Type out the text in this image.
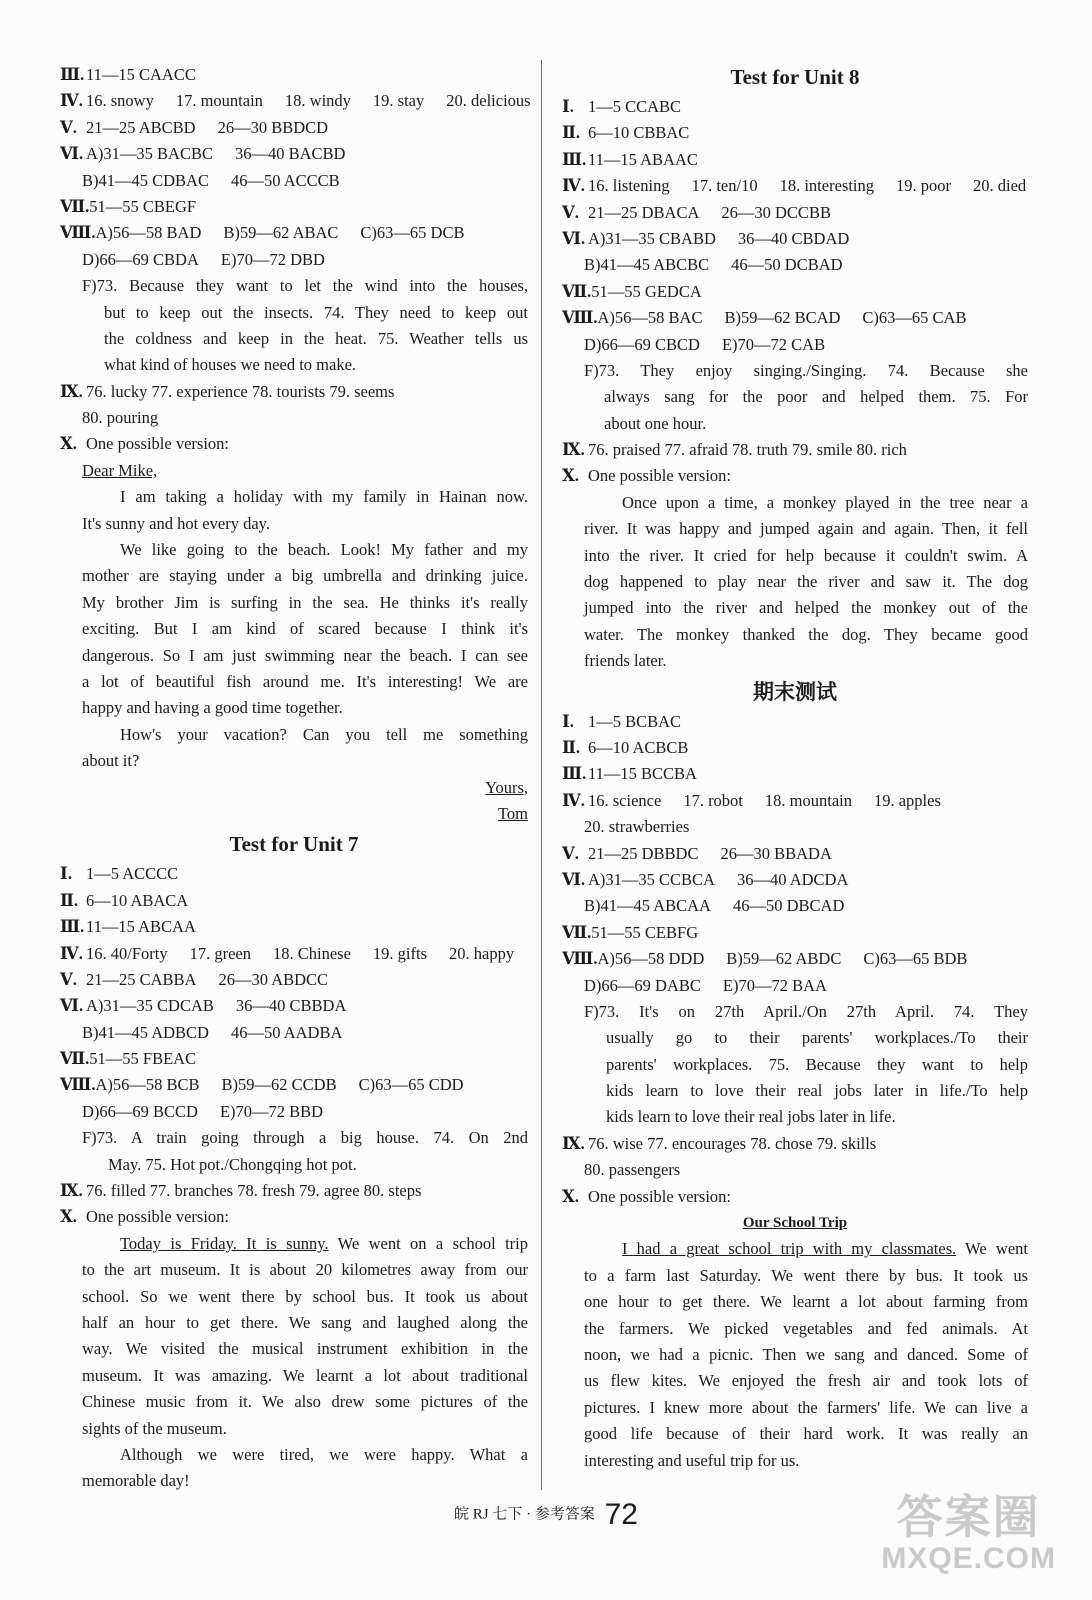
Ⅲ. 11—15 CAACC
Ⅳ. 16. snowy 17. mountain 18. windy 19. stay 20. delicious
Ⅴ. 21—25 ABCBD 26—30 BBDCD
Ⅵ. A)31—35 BACBC 36—40 BACBD
B)41—45 CDBAC 46—50 ACCCB
Ⅶ.51—55 CBEGF
Ⅷ.A)56—58 BAD B)59—62 ABAC C)63—65 DCB
D)66—69 CBDA E)70—72 DBD
F)73. Because they want to let the wind into the houses,
but to keep out the insects. 74. They need to keep out
the coldness and keep in the heat. 75. Weather tells us
what kind of houses we need to make.
Ⅸ. 76. lucky 77. experience 78. tourists 79. seems
80. pouring
Ⅹ. One possible version:
Dear Mike,
I am taking a holiday with my family in Hainan now.
It's sunny and hot every day.
We like going to the beach. Look! My father and my
mother are staying under a big umbrella and drinking juice.
My brother Jim is surfing in the sea. He thinks it's really
exciting. But I am kind of scared because I think it's
dangerous. So I am just swimming near the beach. I can see
a lot of beautiful fish around me. It's interesting! We are
happy and having a good time together.
How's your vacation? Can you tell me something
about it?
Yours,
Tom
Test for Unit 7
Ⅰ. 1—5 ACCCC
Ⅱ. 6—10 ABACA
Ⅲ. 11—15 ABCAA
Ⅳ. 16. 40/Forty 17. green 18. Chinese 19. gifts 20. happy
Ⅴ. 21—25 CABBA 26—30 ABDCC
Ⅵ. A)31—35 CDCAB 36—40 CBBDA
B)41—45 ADBCD 46—50 AADBA
Ⅶ.51—55 FBEAC
Ⅷ.A)56—58 BCB B)59—62 CCDB C)63—65 CDD
D)66—69 BCCD E)70—72 BBD
F)73. A train going through a big house. 74. On 2nd
May. 75. Hot pot./Chongqing hot pot.
Ⅸ. 76. filled 77. branches 78. fresh 79. agree 80. steps
Ⅹ. One possible version:
Today is Friday. It is sunny. We went on a school trip
to the art museum. It is about 20 kilometres away from our
school. So we went there by school bus. It took us about
half an hour to get there. We sang and laughed along the
way. We visited the musical instrument exhibition in the
museum. It was amazing. We learnt a lot about traditional
Chinese music from it. We also drew some pictures of the
sights of the museum.
Although we were tired, we were happy. What a
memorable day!
Test for Unit 8
Ⅰ. 1—5 CCABC
Ⅱ. 6—10 CBBAC
Ⅲ. 11—15 ABAAC
Ⅳ. 16. listening 17. ten/10 18. interesting 19. poor 20. died
Ⅴ. 21—25 DBACA 26—30 DCCBB
Ⅵ. A)31—35 CBABD 36—40 CBDAD
B)41—45 ABCBC 46—50 DCBAD
Ⅶ.51—55 GEDCA
Ⅷ.A)56—58 BAC B)59—62 BCAD C)63—65 CAB
D)66—69 CBCD E)70—72 CAB
F)73. They enjoy singing./Singing. 74. Because she
always sang for the poor and helped them. 75. For
about one hour.
Ⅸ. 76. praised 77. afraid 78. truth 79. smile 80. rich
Ⅹ. One possible version:
Once upon a time, a monkey played in the tree near a
river. It was happy and jumped again and again. Then, it fell
into the river. It cried for help because it couldn't swim. A
dog happened to play near the river and saw it. The dog
jumped into the river and helped the monkey out of the
water. The monkey thanked the dog. They became good
friends later.
期末测试
Ⅰ. 1—5 BCBAC
Ⅱ. 6—10 ACBCB
Ⅲ. 11—15 BCCBA
Ⅳ. 16. science 17. robot 18. mountain 19. apples
20. strawberries
Ⅴ. 21—25 DBBDC 26—30 BBADA
Ⅵ. A)31—35 CCBCA 36—40 ADCDA
B)41—45 ABCAA 46—50 DBCAD
Ⅶ.51—55 CEBFG
Ⅷ.A)56—58 DDD B)59—62 ABDC C)63—65 BDB
D)66—69 DABC E)70—72 BAA
F)73. It's on 27th April./On 27th April. 74. They
usually go to their parents' workplaces./To their
parents' workplaces. 75. Because they want to help
kids learn to love their real jobs later in life./To help
kids learn to love their real jobs later in life.
Ⅸ. 76. wise 77. encourages 78. chose 79. skills
80. passengers
Ⅹ. One possible version:
Our School Trip
I had a great school trip with my classmates. We went
to a farm last Saturday. We went there by bus. It took us
one hour to get there. We learnt a lot about farming from
the farmers. We picked vegetables and fed animals. At
noon, we had a picnic. Then we sang and danced. Some of
us flew kites. We enjoyed the fresh air and took lots of
pictures. I knew more about the farmers' life. We can live a
good life because of their hard work. It was really an
interesting and useful trip for us.
皖 RJ 七下 · 参考答案 72	答案圈
MXQE.COM
